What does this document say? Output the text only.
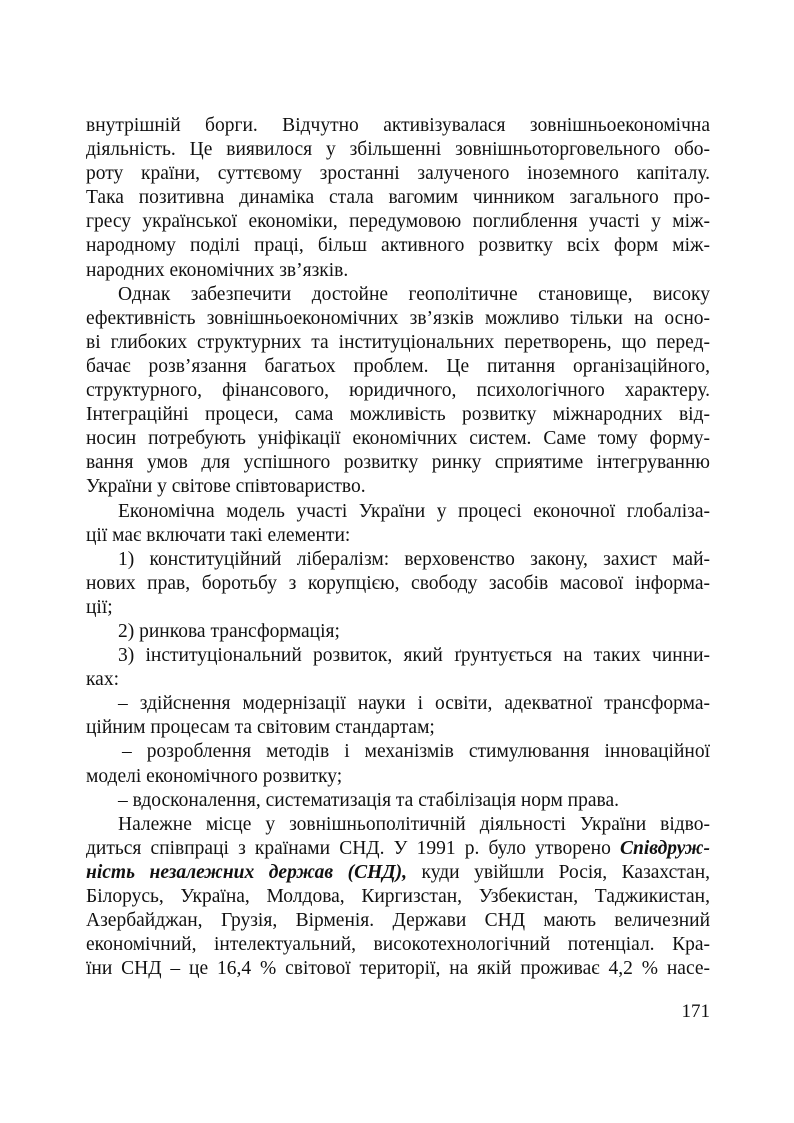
внутрішній борги. Відчутно активізувалася зовнішньоекономічна
діяльність. Це виявилося у збільшенні зовнішньоторговельного обо-
роту країни, суттєвому зростанні залученого іноземного капіталу.
Така позитивна динаміка стала вагомим чинником загального про-
гресу української економіки, передумовою поглиблення участі у між-
народному поділі праці, більш активного розвитку всіх форм між-
народних економічних зв’язків.
Однак забезпечити достойне геополітичне становище, високу
ефективність зовнішньоекономічних зв’язків можливо тільки на осно-
ві глибоких структурних та інституціональних перетворень, що перед-
бачає розв’язання багатьох проблем. Це питання організаційного,
структурного, фінансового, юридичного, психологічного характеру.
Інтеграційні процеси, сама можливість розвитку міжнародних від-
носин потребують уніфікації економічних систем. Саме тому форму-
вання умов для успішного розвитку ринку сприятиме інтегруванню
України у світове співтовариство.
Економічна модель участі України у процесі еконочної глобаліза-
ції має включати такі елементи:
1) конституційний лібералізм: верховенство закону, захист май-
нових прав, боротьбу з корупцією, свободу засобів масової інформа-
ції;
2) ринкова трансформація;
3) інституціональний розвиток, який ґрунтується на таких чинни-
ках:
– здійснення модернізації науки і освіти, адекватної трансформа-
ційним процесам та світовим стандартам;
– розроблення методів і механізмів стимулювання інноваційної
моделі економічного розвитку;
– вдосконалення, систематизація та стабілізація норм права.
Належне місце у зовнішньополітичній діяльності України відво-
диться співпраці з країнами СНД. У 1991 р. було утворено Співдруж-
ність незалежних держав (СНД), куди увійшли Росія, Казахстан,
Білорусь, Україна, Молдова, Киргизстан, Узбекистан, Таджикистан,
Азербайджан, Грузія, Вірменія. Держави СНД мають величезний
економічний, інтелектуальний, високотехнологічний потенціал. Кра-
їни СНД – це 16,4 % світової території, на якій проживає 4,2 % насе-
171
